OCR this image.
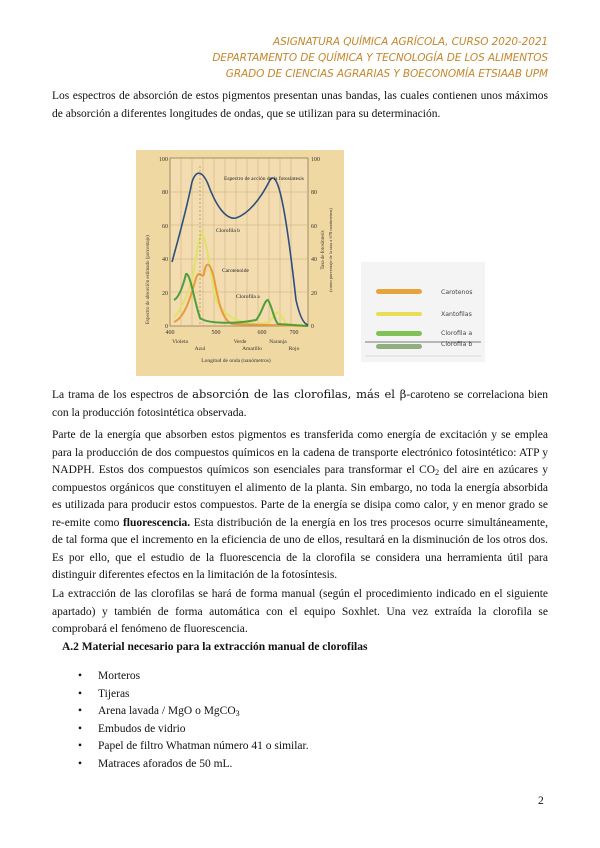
ASIGNATURA QUÍMICA AGRÍCOLA, CURSO 2020-2021
DEPARTAMENTO DE QUÍMICA Y TECNOLOGÍA DE LOS ALIMENTOS
GRADO DE CIENCIAS AGRARIAS Y BOECONOMÍA ETSIAAB UPM

Los espectros de absorción de estos pigmentos presentan unas bandas, las cuales contienen unos máximos de absorción a diferentes longitudes de ondas, que se utilizan para su determinación.

0
20
40
60
80
100
0
20
40
60
80
100
400	500	600	700
Violeta	Verde	Naranja
Azul	Amarillo	Rojo
Longitud de onda (nanómetros)
Espectro de acción de la fotosíntesis
Clorofila b
Carotenoide
Clorofila a
Espectro de absorción estimado (porcentaje)	Tasa de fotosíntesis (como porcentaje de la tasa a 670 nanómetros)
Carotenos
Xantofilas
Clorofila a
Clorofila b

La trama de los espectros de absorción de las clorofilas, más el β-caroteno se correlaciona bien con la producción fotosintética observada.

Parte de la energía que absorben estos pigmentos es transferida como energía de excitación y se emplea para la producción de dos compuestos químicos en la cadena de transporte electrónico fotosintético: ATP y NADPH. Estos dos compuestos químicos son esenciales para transformar el $CO_2$ del aire en azúcares y compuestos orgánicos que constituyen el alimento de la planta. Sin embargo, no toda la energía absorbida es utilizada para producir estos compuestos. Parte de la energía se disipa como calor, y en menor grado se re-emite como fluorescencia. Esta distribución de la energía en los tres procesos ocurre simultáneamente, de tal forma que el incremento en la eficiencia de uno de ellos, resultará en la disminución de los otros dos. Es por ello, que el estudio de la fluorescencia de la clorofila se considera una herramienta útil para distinguir diferentes efectos en la limitación de la fotosíntesis.

La extracción de las clorofilas se hará de forma manual (según el procedimiento indicado en el siguiente apartado) y también de forma automática con el equipo Soxhlet. Una vez extraída la clorofila se comprobará el fenómeno de fluorescencia.

A.2 Material necesario para la extracción manual de clorofilas
• Morteros
• Tijeras
• Arena lavada / MgO o MgCO$_3$
• Embudos de vidrio
• Papel de filtro Whatman número 41 o similar.
• Matraces aforados de 50 mL.
2
